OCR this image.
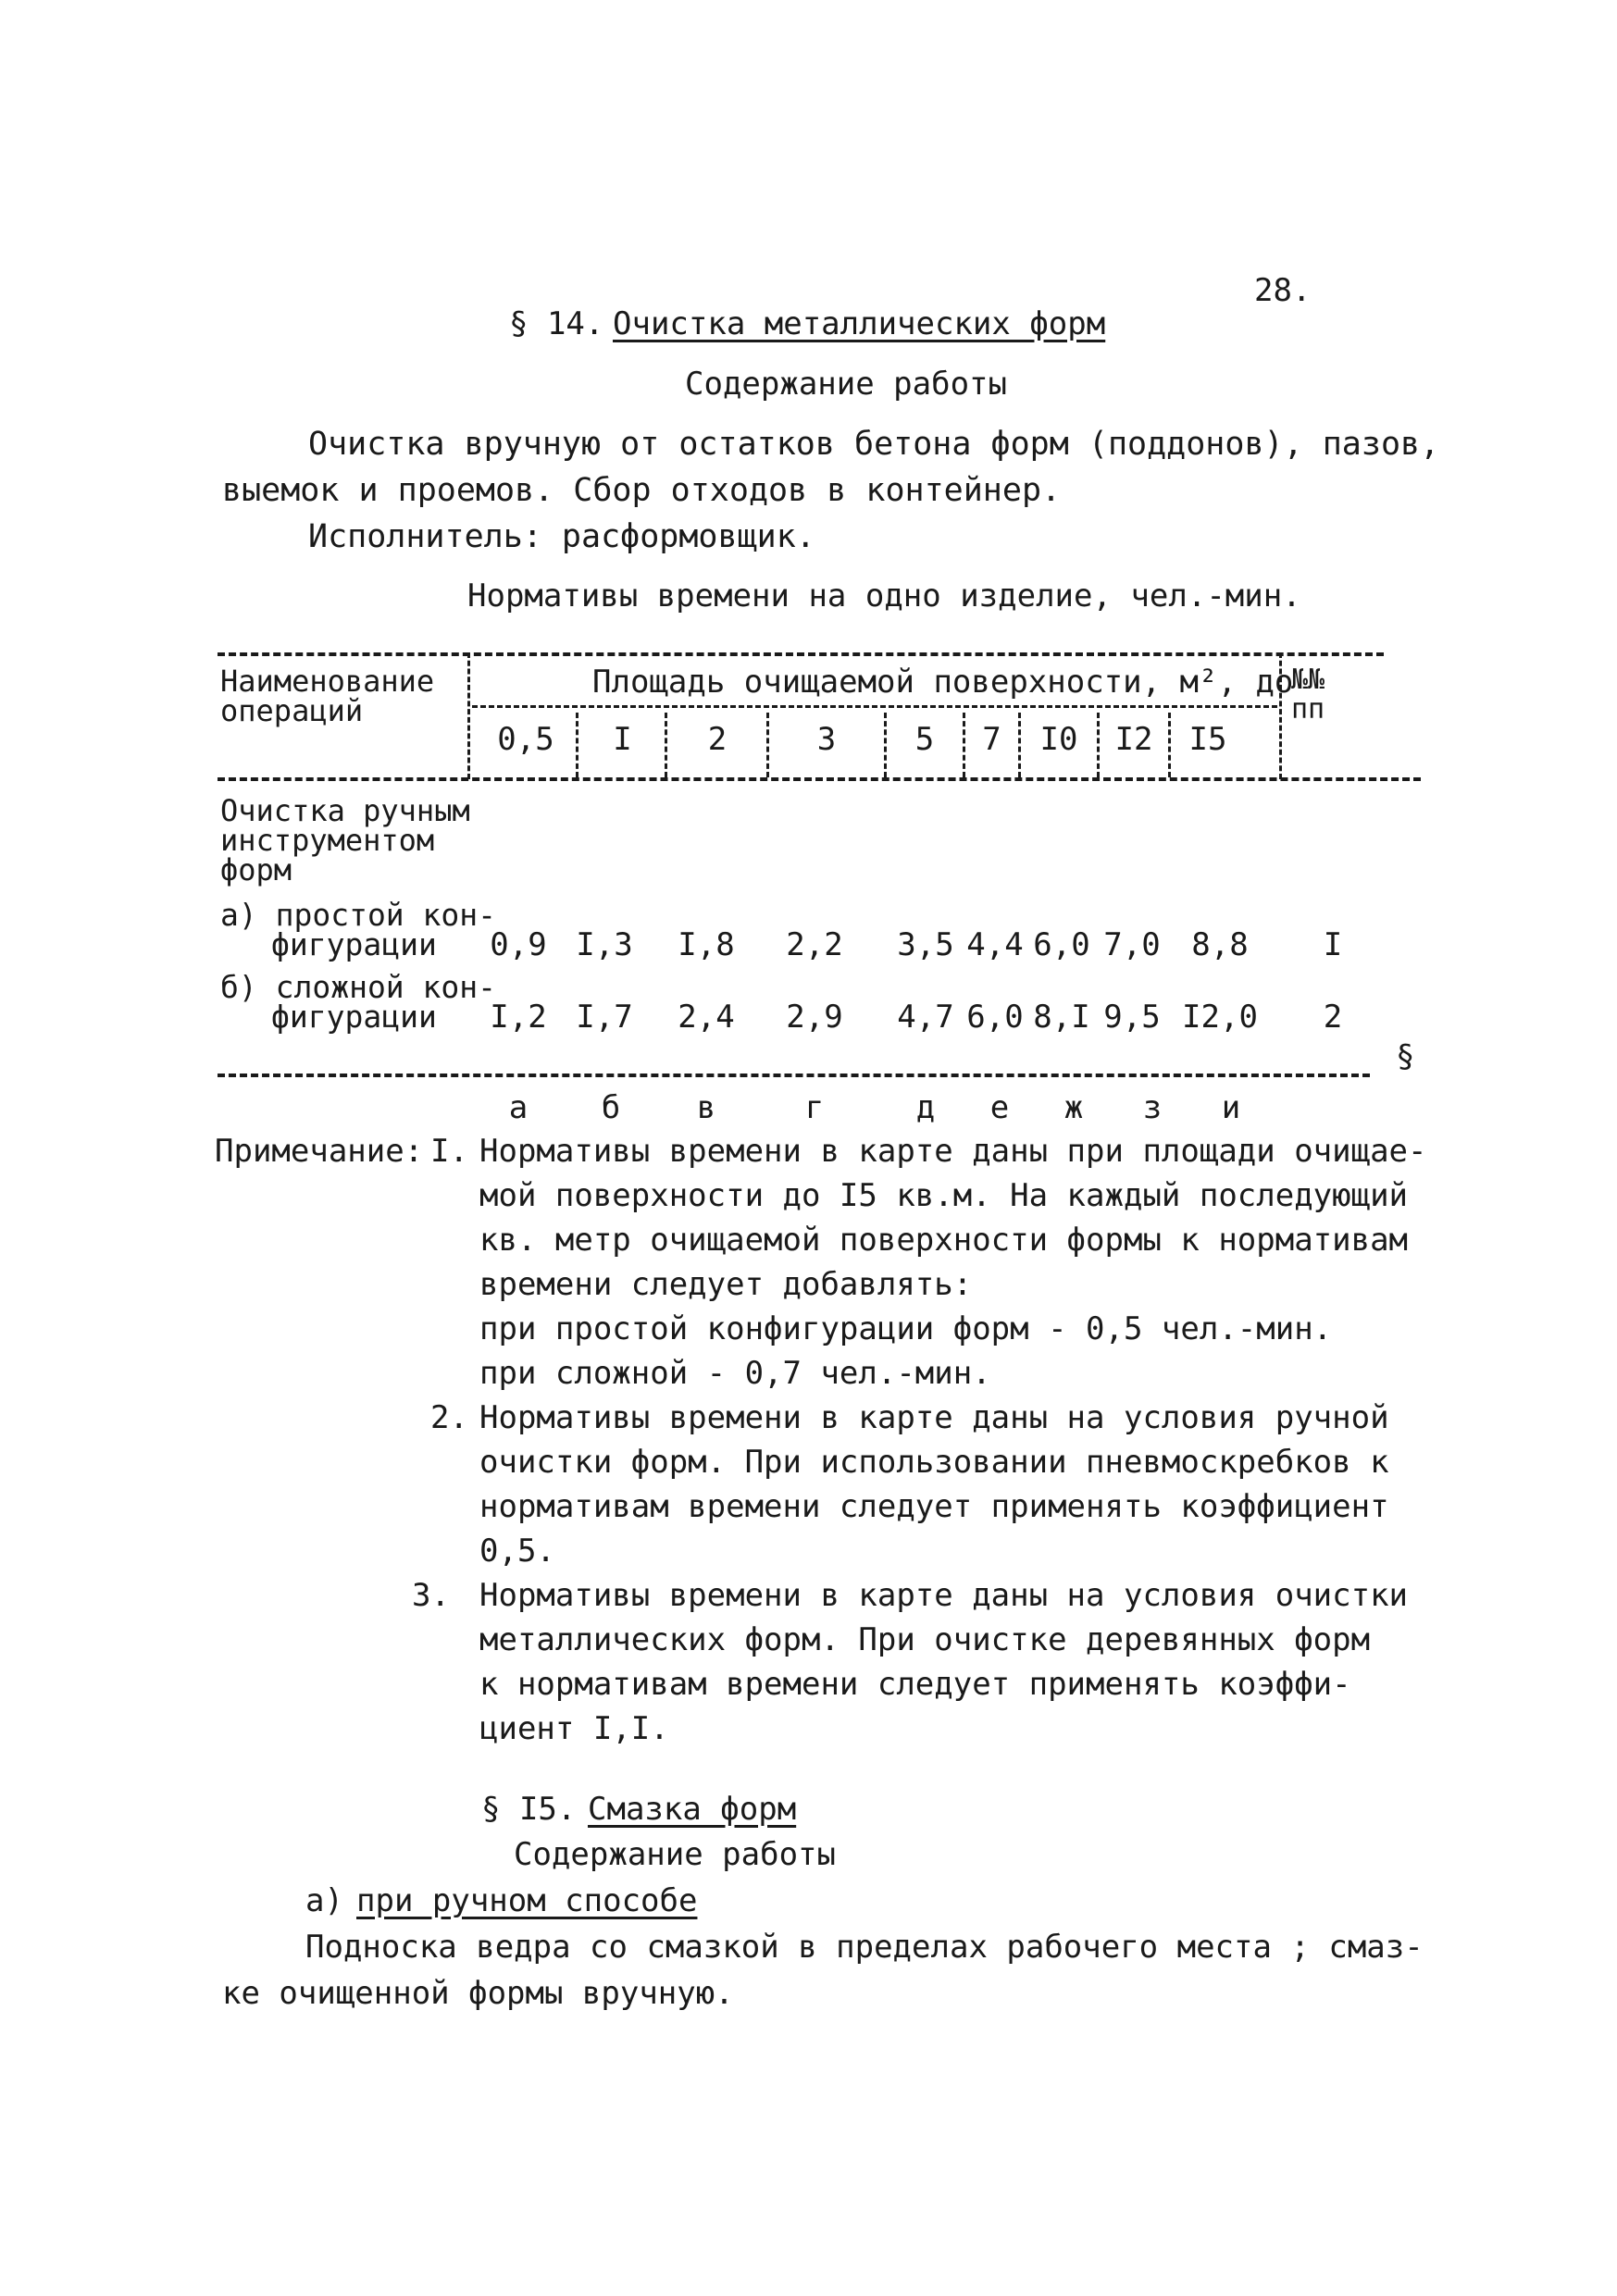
28.
§ 14. Очистка металлических форм
Содержание работы
Очистка вручную от остатков бетона форм (поддонов), пазов,
выемок и проемов. Сбор отходов в контейнер.
Исполнитель: расформовщик.
Нормативы времени на одно изделие, чел.-мин.
Наименование
операций
Площадь очищаемой поверхности, м², до
№№
пп
0,5	I	2	3	5	7	I0	I2	I5
Очистка ручным
инструментом
форм
а) простой кон-
фигурации	0,9 I,3	I,8	2,2	3,5 4,4 6,0 7,0 8,8	I
б) сложной кон-
фигурации	I,2 I,7	2,4	2,9	4,7 6,0 8,I 9,5 I2,0	2
§
а	б	в	г	д	е	ж	з	и
Примечание: I. Нормативы времени в карте даны при площади очищае-
мой поверхности до I5 кв.м. На каждый последующий
кв. метр очищаемой поверхности формы к нормативам
времени следует добавлять:
при простой конфигурации форм - 0,5 чел.-мин.
при сложной - 0,7 чел.-мин.
2. Нормативы времени в карте даны на условия ручной
очистки форм. При использовании пневмоскребков к
нормативам времени следует применять коэффициент
0,5.
3. Нормативы времени в карте даны на условия очистки
металлических форм. При очистке деревянных форм
к нормативам времени следует применять коэффи-
циент I,I.
§ I5. Смазка форм
Содержание работы
а) при ручном способе
Подноска ведра со смазкой в пределах рабочего места ; смаз-
ке очищенной формы вручную.
